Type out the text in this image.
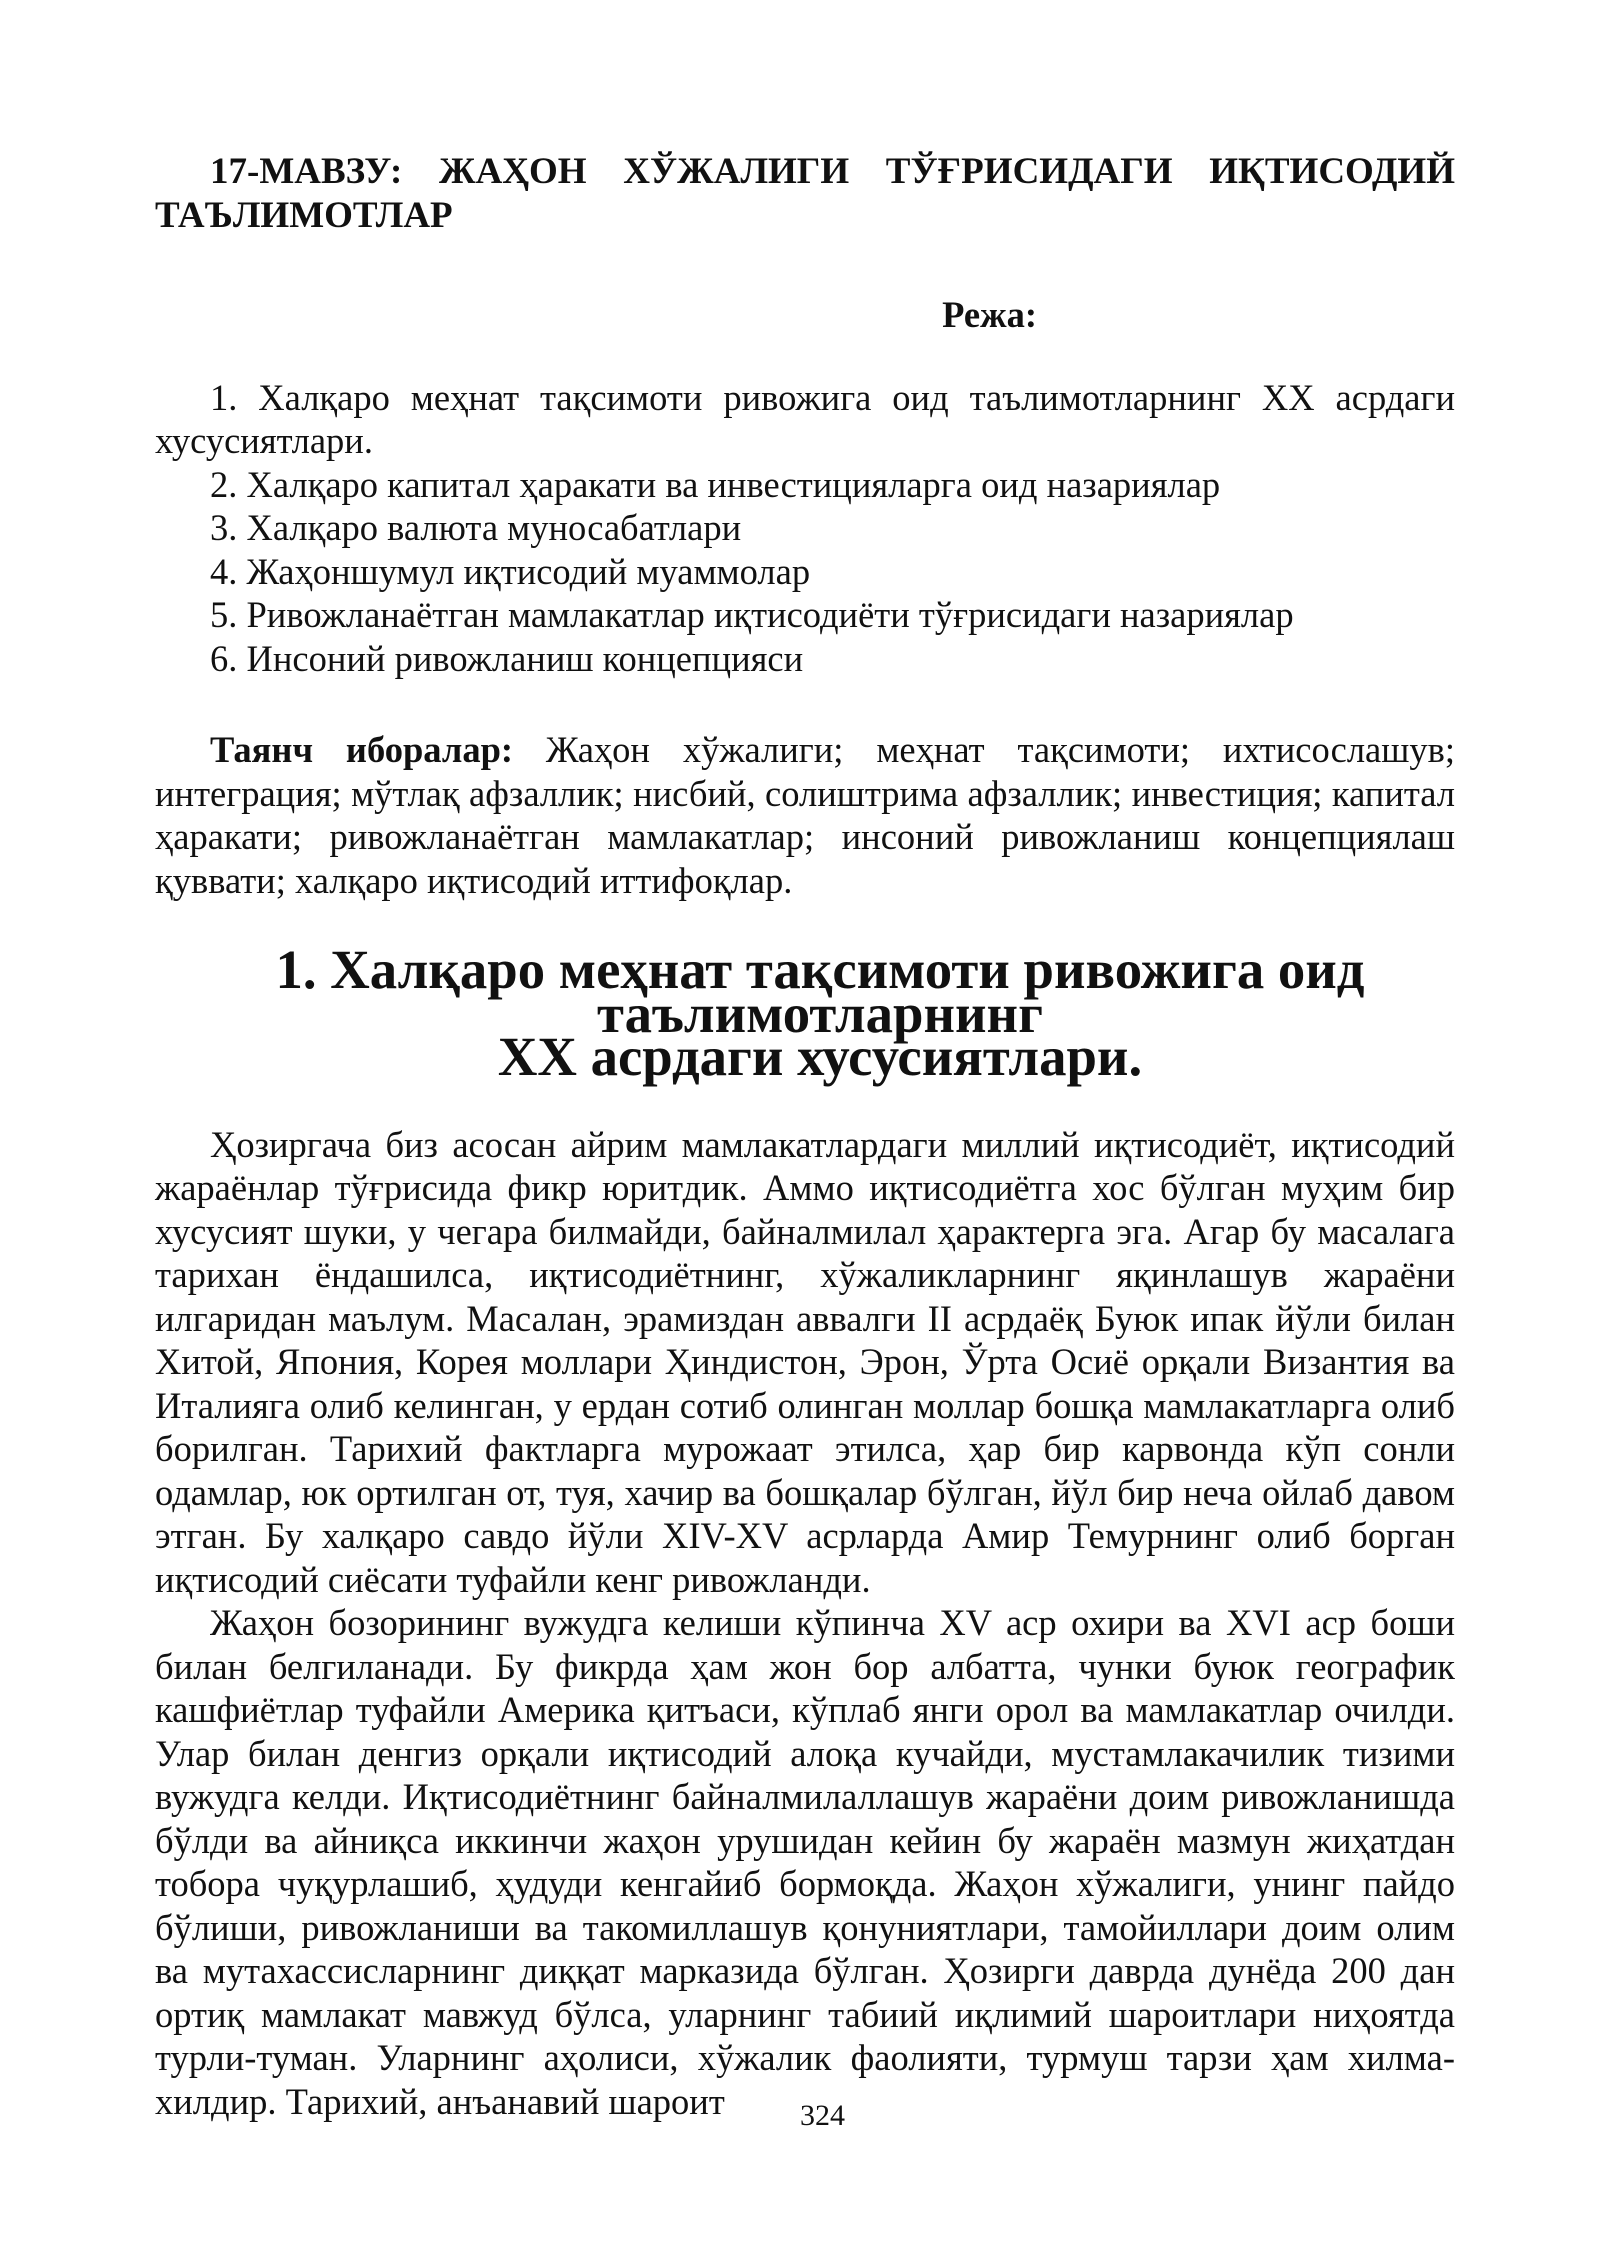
17-МАВЗУ: ЖАҲОН ХЎЖАЛИГИ ТЎҒРИСИДАГИ ИҚТИСОДИЙ ТАЪЛИМОТЛАР
Режа:
1. Халқаро меҳнат тақсимоти ривожига оид таълимотларнинг ХХ асрдаги хусусиятлари.
2. Халқаро капитал ҳаракати ва инвестицияларга оид назариялар
3. Халқаро валюта муносабатлари
4. Жаҳоншумул иқтисодий муаммолар
5. Ривожланаётган мамлакатлар иқтисодиёти тўғрисидаги назариялар
6. Инсоний ривожланиш концепцияси

Таянч иборалар: Жаҳон хўжалиги; меҳнат тақсимоти; ихтисослашув; интеграция; мўтлақ афзаллик; нисбий, солиштрима афзаллик; инвестиция; капитал ҳаракати; ривожланаётган мамлакатлар; инсоний ривожланиш концепциялаш қуввати; халқаро иқтисодий иттифоқлар.

1. Халқаро меҳнат тақсимоти ривожига оид таълимотларнинг
ХХ асрдаги хусусиятлари.

Ҳозиргача биз асосан айрим мамлакатлардаги миллий иқтисодиёт, иқтисодий жараёнлар тўғрисида фикр юритдик. Аммо иқтисодиётга хос бўлган муҳим бир хусусият шуки, у чегара билмайди, байналмилал ҳарактерга эга. Агар бу масалага тарихан ёндашилса, иқтисодиётнинг, хўжаликларнинг яқинлашув жараёни илгаридан маълум. Масалан, эрамиздан аввалги II асрдаёқ Буюк ипак йўли билан Хитой, Япония, Корея моллари Ҳиндистон, Эрон, Ўрта Осиё орқали Византия ва Италияга олиб келинган, у ердан сотиб олинган моллар бошқа мамлакатларга олиб борилган. Тарихий фактларга мурожаат этилса, ҳар бир карвонда кўп сонли одамлар, юк ортилган от, туя, хачир ва бошқалар бўлган, йўл бир неча ойлаб давом этган. Бу халқаро савдо йўли XIV-XV асрларда Амир Темурнинг олиб борган иқтисодий сиёсати туфайли кенг ривожланди.

Жаҳон бозорининг вужудга келиши кўпинча XV аср охири ва XVI аср боши билан белгиланади. Бу фикрда ҳам жон бор албатта, чунки буюк географик кашфиётлар туфайли Америка қитъаси, кўплаб янги орол ва мамлакатлар очилди. Улар билан денгиз орқали иқтисодий алоқа кучайди, мустамлакачилик тизими вужудга келди. Иқтисодиётнинг байналмилаллашув жараёни доим ривожланишда бўлди ва айниқса иккинчи жаҳон урушидан кейин бу жараён мазмун жиҳатдан тобора чуқурлашиб, ҳудуди кенгайиб бормоқда. Жаҳон хўжалиги, унинг пайдо бўлиши, ривожланиши ва такомиллашув қонуниятлари, тамойиллари доим олим ва мутахассисларнинг диққат марказида бўлган. Ҳозирги даврда дунёда 200 дан ортиқ мамлакат мавжуд бўлса, уларнинг табиий иқлимий шароитлари ниҳоятда турли-туман. Уларнинг аҳолиси, хўжалик фаолияти, турмуш тарзи ҳам хилма-хилдир. Тарихий, анъанавий шароит	324
